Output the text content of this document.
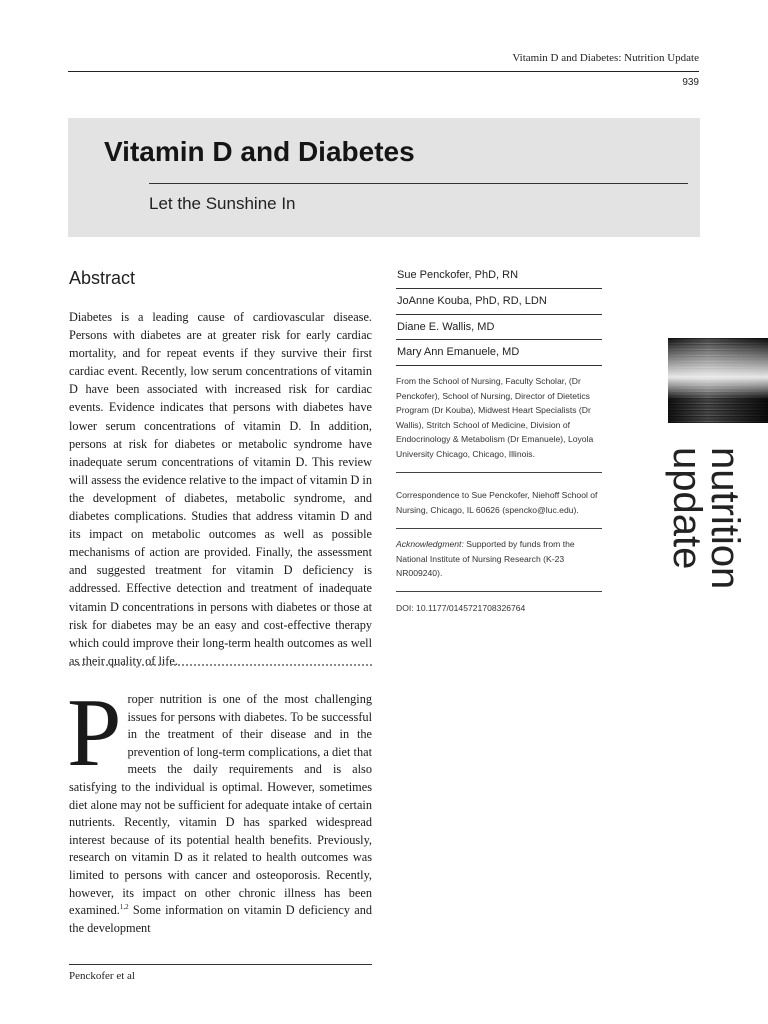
Vitamin D and Diabetes: Nutrition Update
939
Vitamin D and Diabetes
Let the Sunshine In
Abstract

Diabetes is a leading cause of cardiovascular disease. Persons with diabetes are at greater risk for early cardiac mortality, and for repeat events if they survive their first cardiac event. Recently, low serum concentrations of vitamin D have been associated with increased risk for cardiac events. Evidence indicates that persons with diabetes have lower serum concentrations of vitamin D. In addition, persons at risk for diabetes or metabolic syndrome have inadequate serum concentrations of vitamin D. This review will assess the evidence relative to the impact of vitamin D in the development of diabetes, metabolic syndrome, and diabetes complications. Studies that address vitamin D and its impact on metabolic outcomes as well as possible mechanisms of action are provided. Finally, the assessment and suggested treatment for vitamin D deficiency is addressed. Effective detection and treatment of inadequate vitamin D concentrations in persons with diabetes or those at risk for diabetes may be an easy and cost-effective therapy which could improve their long-term health outcomes as well as their quality of life.

Proper nutrition is one of the most challenging issues for persons with diabetes. To be successful in the treatment of their disease and in the prevention of long-term complications, a diet that meets the daily requirements and is also satisfying to the individual is optimal. However, sometimes diet alone may not be sufficient for adequate intake of certain nutrients. Recently, vitamin D has sparked widespread interest because of its potential health benefits. Previously, research on vitamin D as it related to health outcomes was limited to persons with cancer and osteoporosis. Recently, however, its impact on other chronic illness has been examined.$^{1,2}$ Some information on vitamin D deficiency and the development

Penckofer et al
Sue Penckofer, PhD, RN
JoAnne Kouba, PhD, RD, LDN
Diane E. Wallis, MD
Mary Ann Emanuele, MD
From the School of Nursing, Faculty Scholar, (Dr Penckofer), School of Nursing, Director of Dietetics Program (Dr Kouba), Midwest Heart Specialists (Dr Wallis), Stritch School of Medicine, Division of Endocrinology & Metabolism (Dr Emanuele), Loyola University Chicago, Chicago, Illinois.
Correspondence to Sue Penckofer, Niehoff School of Nursing, Chicago, IL 60626 (spencko@luc.edu).
Acknowledgment: Supported by funds from the National Institute of Nursing Research (K-23 NR009240).
DOI: 10.1177/0145721708326764
nutrition
update
